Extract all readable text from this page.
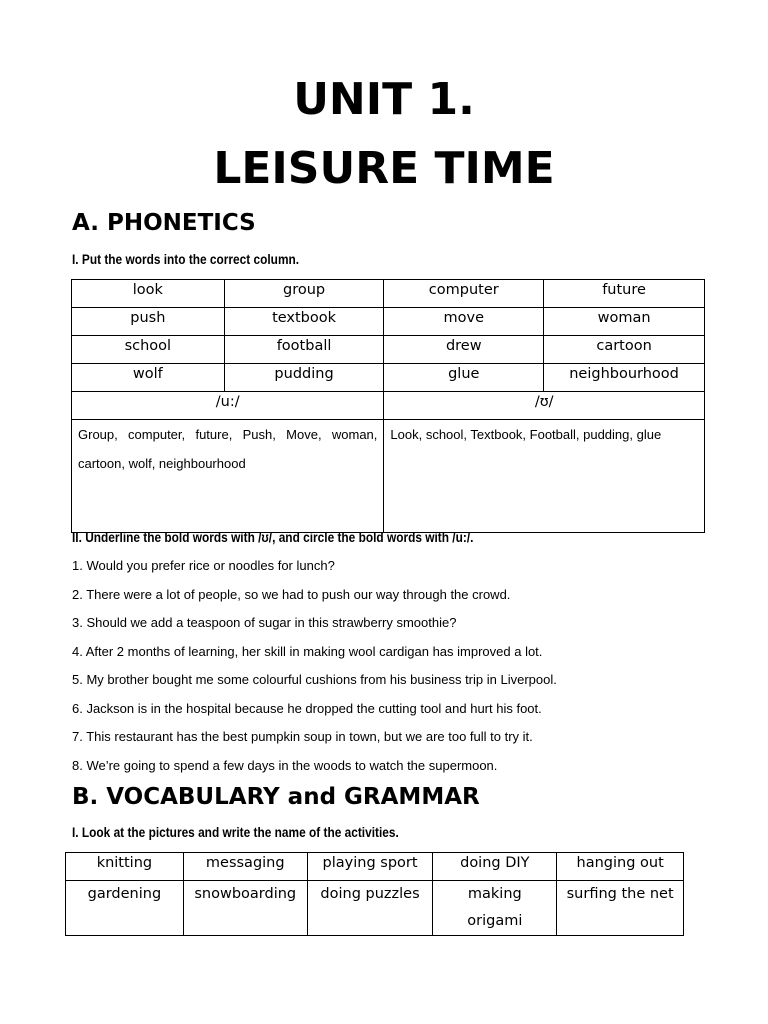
UNIT 1.
LEISURE TIME
A. PHONETICS

I. Put the words into the correct column.

look	group	computer	future
push	textbook	move	woman
school	football	drew	cartoon
wolf	pudding	glue	neighbourhood
/u:/		/ʊ/	
Group, computer, future, Push, Move, woman, cartoon, wolf, neighbourhood		Look, school, Textbook, Football, pudding, glue	

II. Underline the bold words with /ʊ/, and circle the bold words with /u:/.

1. Would you prefer rice or noodles for lunch?
2. There were a lot of people, so we had to push our way through the crowd.
3. Should we add a teaspoon of sugar in this strawberry smoothie?
4. After 2 months of learning, her skill in making wool cardigan has improved a lot.
5. My brother bought me some colourful cushions from his business trip in Liverpool.
6. Jackson is in the hospital because he dropped the cutting tool and hurt his foot.
7. This restaurant has the best pumpkin soup in town, but we are too full to try it.
8. We’re going to spend a few days in the woods to watch the supermoon.
B. VOCABULARY and GRAMMAR

I. Look at the pictures and write the name of the activities.

knitting	messaging	playing sport	doing DIY	hanging out
gardening	snowboarding	doing puzzles	making origami	surfing the net
